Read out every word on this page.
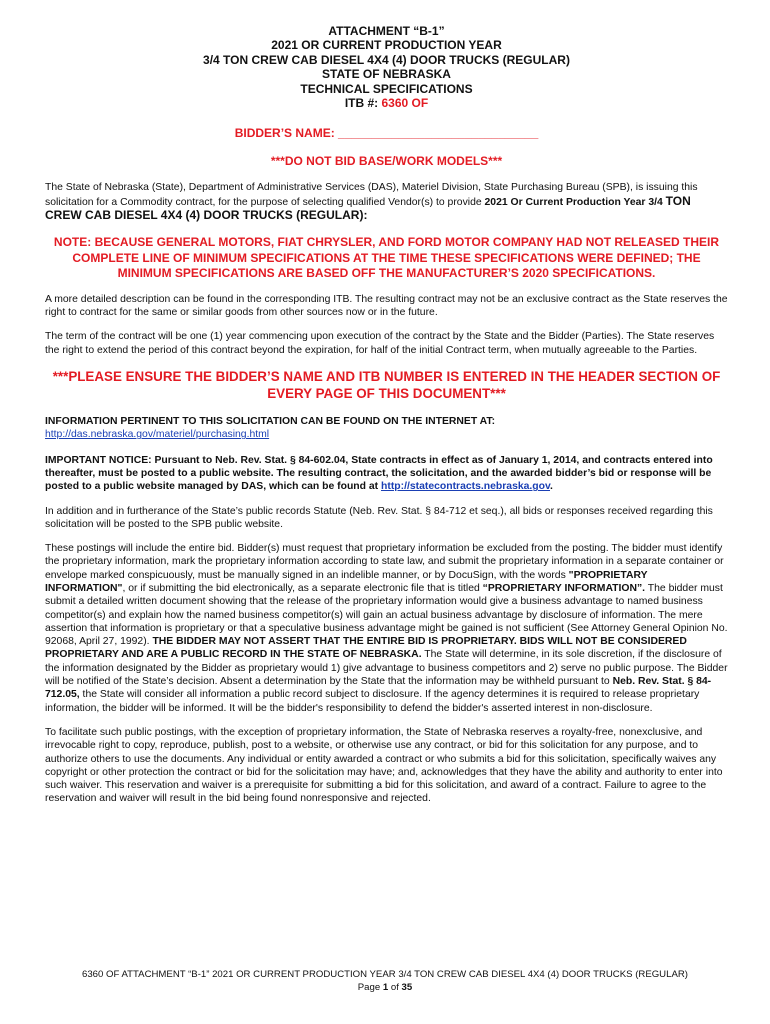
ATTACHMENT “B-1”
2021 OR CURRENT PRODUCTION YEAR
3/4 TON CREW CAB DIESEL 4X4 (4) DOOR TRUCKS (REGULAR)
STATE OF NEBRASKA
TECHNICAL SPECIFICATIONS
ITB #: 6360 OF
BIDDER’S NAME: ______________________________
***DO NOT BID BASE/WORK MODELS***

The State of Nebraska (State), Department of Administrative Services (DAS), Materiel Division, State Purchasing Bureau (SPB), is issuing this solicitation for a Commodity contract, for the purpose of selecting qualified Vendor(s) to provide 2021 Or Current Production Year 3/4 TON CREW CAB DIESEL 4X4 (4) DOOR TRUCKS (REGULAR):

NOTE: BECAUSE GENERAL MOTORS, FIAT CHRYSLER, AND FORD MOTOR COMPANY HAD NOT RELEASED THEIR COMPLETE LINE OF MINIMUM SPECIFICATIONS AT THE TIME THESE SPECIFICATIONS WERE DEFINED; THE MINIMUM SPECIFICATIONS ARE BASED OFF THE MANUFACTURER’S 2020 SPECIFICATIONS.

A more detailed description can be found in the corresponding ITB. The resulting contract may not be an exclusive contract as the State reserves the right to contract for the same or similar goods from other sources now or in the future.

The term of the contract will be one (1) year commencing upon execution of the contract by the State and the Bidder (Parties). The State reserves the right to extend the period of this contract beyond the expiration, for half of the initial Contract term, when mutually agreeable to the Parties.

***PLEASE ENSURE THE BIDDER’S NAME AND ITB NUMBER IS ENTERED IN THE HEADER SECTION OF EVERY PAGE OF THIS DOCUMENT***

INFORMATION PERTINENT TO THIS SOLICITATION CAN BE FOUND ON THE INTERNET AT:
http://das.nebraska.gov/materiel/purchasing.html

IMPORTANT NOTICE: Pursuant to Neb. Rev. Stat. § 84-602.04, State contracts in effect as of January 1, 2014, and contracts entered into thereafter, must be posted to a public website. The resulting contract, the solicitation, and the awarded bidder’s bid or response will be posted to a public website managed by DAS, which can be found at http://statecontracts.nebraska.gov.

In addition and in furtherance of the State’s public records Statute (Neb. Rev. Stat. § 84-712 et seq.), all bids or responses received regarding this solicitation will be posted to the SPB public website.

These postings will include the entire bid. Bidder(s) must request that proprietary information be excluded from the posting. The bidder must identify the proprietary information, mark the proprietary information according to state law, and submit the proprietary information in a separate container or envelope marked conspicuously, must be manually signed in an indelible manner, or by DocuSign, with the words "PROPRIETARY INFORMATION", or if submitting the bid electronically, as a separate electronic file that is titled “PROPRIETARY INFORMATION”. The bidder must submit a detailed written document showing that the release of the proprietary information would give a business advantage to named business competitor(s) and explain how the named business competitor(s) will gain an actual business advantage by disclosure of information. The mere assertion that information is proprietary or that a speculative business advantage might be gained is not sufficient (See Attorney General Opinion No. 92068, April 27, 1992). THE BIDDER MAY NOT ASSERT THAT THE ENTIRE BID IS PROPRIETARY. BIDS WILL NOT BE CONSIDERED PROPRIETARY AND ARE A PUBLIC RECORD IN THE STATE OF NEBRASKA. The State will determine, in its sole discretion, if the disclosure of the information designated by the Bidder as proprietary would 1) give advantage to business competitors and 2) serve no public purpose. The Bidder will be notified of the State’s decision. Absent a determination by the State that the information may be withheld pursuant to Neb. Rev. Stat. § 84-712.05, the State will consider all information a public record subject to disclosure. If the agency determines it is required to release proprietary information, the bidder will be informed. It will be the bidder's responsibility to defend the bidder's asserted interest in non-disclosure.

To facilitate such public postings, with the exception of proprietary information, the State of Nebraska reserves a royalty-free, nonexclusive, and irrevocable right to copy, reproduce, publish, post to a website, or otherwise use any contract, or bid for this solicitation for any purpose, and to authorize others to use the documents. Any individual or entity awarded a contract or who submits a bid for this solicitation, specifically waives any copyright or other protection the contract or bid for the solicitation may have; and, acknowledges that they have the ability and authority to enter into such waiver. This reservation and waiver is a prerequisite for submitting a bid for this solicitation, and award of a contract. Failure to agree to the reservation and waiver will result in the bid being found nonresponsive and rejected.

6360 OF ATTACHMENT “B-1” 2021 OR CURRENT PRODUCTION YEAR 3/4 TON CREW CAB DIESEL 4X4 (4) DOOR TRUCKS (REGULAR)
Page 1 of 35
